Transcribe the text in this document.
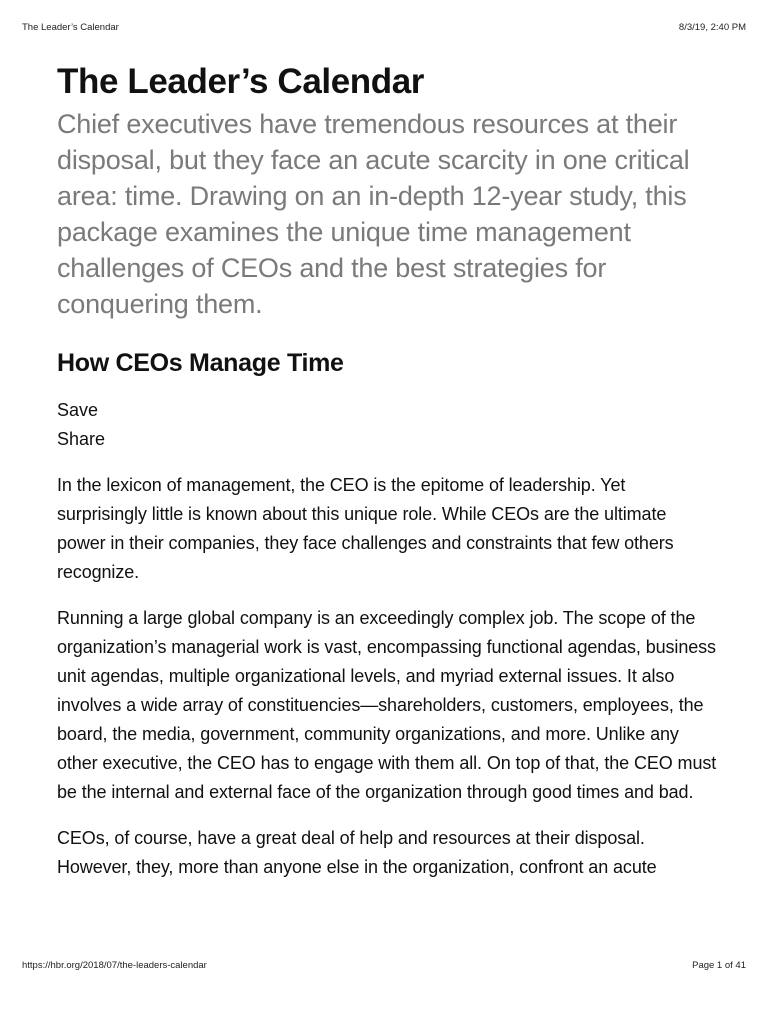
The Leader’s Calendar	8/3/19, 2:40 PM
The Leader’s Calendar

Chief executives have tremendous resources at their disposal, but they face an acute scarcity in one critical area: time. Drawing on an in-depth 12-year study, this package examines the unique time management challenges of CEOs and the best strategies for conquering them.

How CEOs Manage Time
Save
Share

In the lexicon of management, the CEO is the epitome of leadership. Yet surprisingly little is known about this unique role. While CEOs are the ultimate power in their companies, they face challenges and constraints that few others recognize.

Running a large global company is an exceedingly complex job. The scope of the organization’s managerial work is vast, encompassing functional agendas, business unit agendas, multiple organizational levels, and myriad external issues. It also involves a wide array of constituencies—shareholders, customers, employees, the board, the media, government, community organizations, and more. Unlike any other executive, the CEO has to engage with them all. On top of that, the CEO must be the internal and external face of the organization through good times and bad.

CEOs, of course, have a great deal of help and resources at their disposal. However, they, more than anyone else in the organization, confront an acute

https://hbr.org/2018/07/the-leaders-calendar	Page 1 of 41
